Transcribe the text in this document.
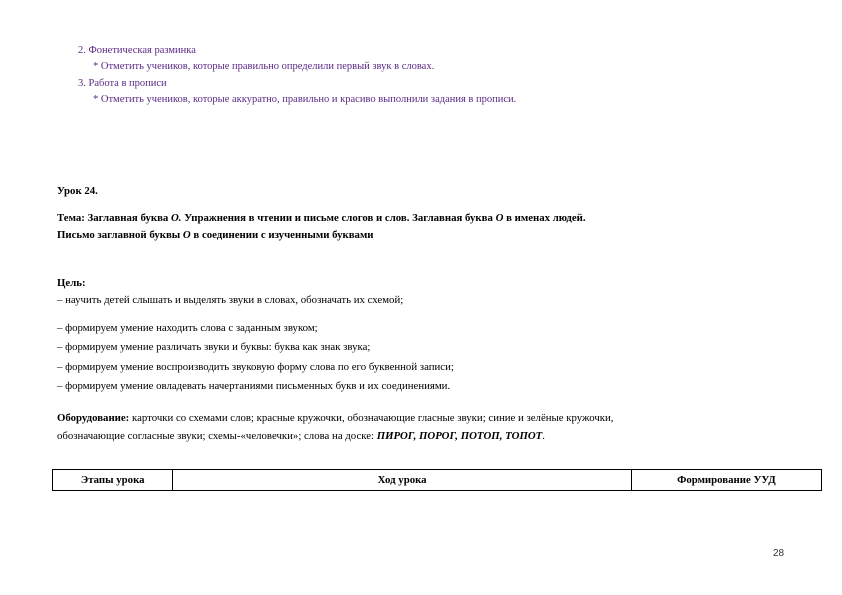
2. Фонетическая разминка
* Отметить учеников, которые правильно определили первый звук в словах.
3. Работа в прописи
* Отметить учеников, которые аккуратно, правильно и красиво выполнили задания в прописи.
Урок 24.
Тема: Заглавная буква О. Упражнения в чтении и письме слогов и слов. Заглавная буква О в именах людей.
Письмо заглавной буквы О в соединении с изученными буквами
Цель:
– научить детей слышать и выделять звуки в словах, обозначать их схемой;
– формируем умение находить слова с заданным звуком;
– формируем умение различать звуки и буквы: буква как знак звука;
– формируем умение воспроизводить звуковую форму слова по его буквенной записи;
– формируем умение овладевать начертаниями письменных букв и их соединениями.
Оборудование: карточки со схемами слов; красные кружочки, обозначающие гласные звуки; синие и зелёные кружочки,
обозначающие согласные звуки; схемы-«человечки»; слова на доске: ПИРОГ, ПОРОГ, ПОТОП, ТОПОТ.
Этапы урока	Ход урока	Формирование УУД
28
